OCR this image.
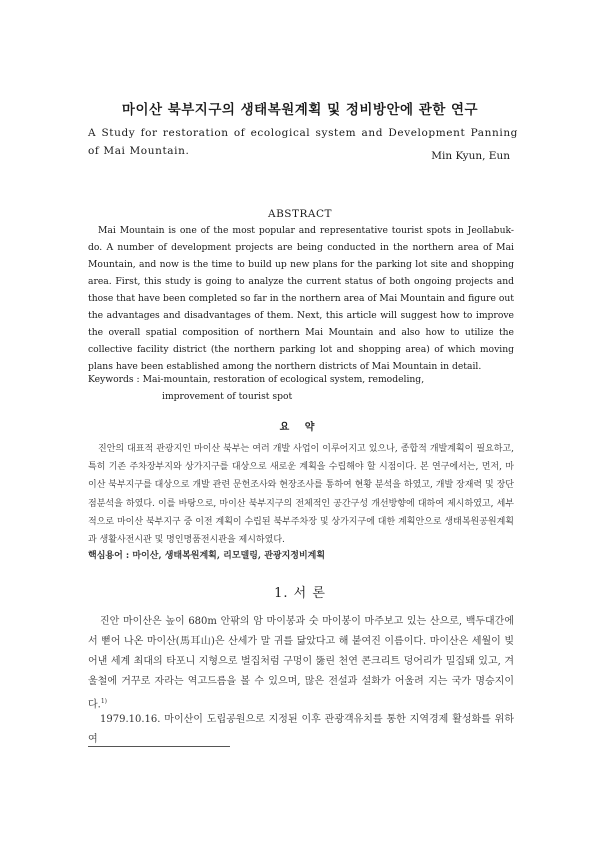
마이산 북부지구의 생태복원계획 및 정비방안에 관한 연구
A Study for restoration of ecological system and Development Panning of Mai Mountain.	Min Kyun, Eun
ABSTRACT
Mai Mountain is one of the most popular and representative tourist spots in Jeollabuk-do. A number of development projects are being conducted in the northern area of Mai Mountain, and now is the time to build up new plans for the parking lot site and shopping area. First, this study is going to analyze the current status of both ongoing projects and those that have been completed so far in the northern area of Mai Mountain and figure out the advantages and disadvantages of them. Next, this article will suggest how to improve the overall spatial composition of northern Mai Mountain and also how to utilize the collective facility district (the northern parking lot and shopping area) of which moving plans have been established among the northern districts of Mai Mountain in detail.
Keywords : Mai-mountain, restoration of ecological system, remodeling,
improvement of tourist spot
요 약
진안의 대표적 관광지인 마이산 북부는 여러 개발 사업이 이루어지고 있으나, 종합적 개발계획이 필요하고, 특히 기존 주차장부지와 상가지구를 대상으로 새로운 계획을 수립해야 할 시점이다. 본 연구에서는, 먼저, 마이산 북부지구를 대상으로 개발 관련 문헌조사와 현장조사를 통하여 현황 분석을 하였고, 개발 장재력 및 장단점분석을 하였다. 이를 바탕으로, 마이산 북부지구의 전체적인 공간구성 개선방향에 대하여 제시하였고, 세부적으로 마이산 북부지구 중 이전 계획이 수립된 북부주차장 및 상가지구에 대한 계획안으로 생태복원공원계획과 생활사전시관 및 명인명품전시관을 제시하였다.
핵심용어 : 마이산, 생태복원계획, 리모델링, 관광지정비계획
1. 서 론
진안 마이산은 높이 680m 안팎의 암 마이봉과 숫 마이봉이 마주보고 있는 산으로, 백두대간에서 뻗어 나온 마이산(馬耳山)은 산세가 말 귀를 닮았다고 해 붙여진 이름이다. 마이산은 세월이 빚어낸 세계 최대의 타포니 지형으로 벌집처럼 구멍이 뚫린 천연 콘크리트 덩어리가 밀집돼 있고, 겨울철에 거꾸로 자라는 역고드름을 볼 수 있으며, 많은 전설과 설화가 어울려 지는 국가 명승지이다.$^{1)}$
1979.10.16. 마이산이 도립공원으로 지정된 이후 관광객유치를 통한 지역경제 활성화를 위하여
